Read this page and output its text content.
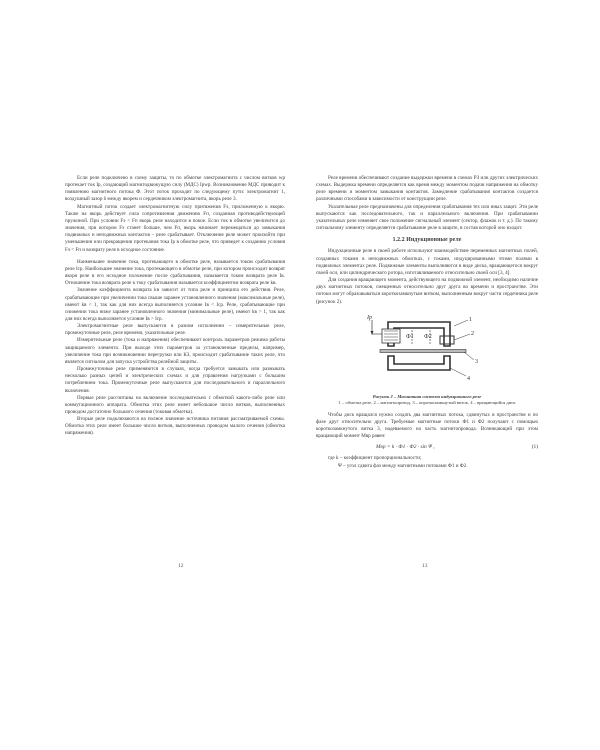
Если реле подключено в схему защиты, то по обмотке электромагнита с числом витков wр протекает ток Iр, создающий магнитодвижущую силу (МДС) Iрwр. Возникновение МДС приводит к появлению магнитного потока Ф. Этот поток проходит по следующему пути: электромагнит 1, воздушный зазор δ между якорем и сердечником электромагнита, якорь реле 3.

Магнитный поток создает электромагнитную силу притяжения Fэ, приложенную к якорю. Также на якорь действует сила сопротивления движению Fп, созданная противодействующей пружиной. При условии Fэ < Fп якорь реле находится в покое. Если ток в обмотке увеличится до значения, при котором Fэ станет больше, чем Fп, якорь начинает перемещаться до замыкания подвижных и неподвижных контактов – реле срабатывает. Отключение реле может произойти при уменьшении или прекращении протекания тока Iр в обмотке реле, что приведет к созданию условия Fэ < Fп и возврату реле в исходное состояние.

Наименьшее значение тока, протекающего в обмотке реле, называется током срабатывания реле Iср. Наибольшее значение тока, протекающего в обмотке реле, при котором происходит возврат якоря реле в его исходное положение после срабатывания, называется током возврата реле Iв. Отношение тока возврата реле к току срабатывания называется коэффициентом возврата реле kв.

Значение коэффициента возврата kв зависит от типа реле и принципа его действия. Реле, срабатывающие при увеличении тока свыше заранее установленного значения (максимальные реле), имеют kв < 1, так как для них всегда выполняется условие Iв < Iср. Реле, срабатывающие при снижении тока ниже заранее установленного значения (минимальные реле), имеют kв > 1, так как для них всегда выполняется условие Iв > Iср.

Электромагнитные реле выпускаются в разном исполнении – измерительные реле, промежуточные реле, реле времени, указательные реле.

Измерительные реле (тока и напряжения) обеспечивают контроль параметров режима работы защищаемого элемента. При выходе этих параметров за установленные пределы, например, увеличение тока при возникновении перегрузки или КЗ, происходит срабатывание таких реле, что является сигналом для запуска устройства релейной защиты.

Промежуточные реле применяются в случаях, когда требуется замыкать или размыкать несколько разных цепей и электрических схемах и для управления нагрузками с большим потреблением тока. Промежуточные реле выпускаются для последовательного и параллельного включения.

Первые реле рассчитаны на включение последовательно с обмоткой какого-либо реле или коммутационного аппарата. Обмотка этих реле имеет небольшое число витков, выполненных проводом достаточно большого сечения (токовая обмотка).

Вторые реле подключаются на полное значение источника питания рассматриваемой схемы. Обмотка этих реле имеет большое число витков, выполненных проводом малого сечения (обмотка напряжения).

12

Реле времени обеспечивают создание выдержки времени в схемах РЗ или других электрических схемах. Выдержка времени определяется как время между моментом подачи напряжения на обмотку реле времени и моментом замыкания контактов. Замедление срабатывания контактов создается различными способами в зависимости от конструкции реле.

Указательные реле предназначены для определения срабатывания тех или иных защит. Эти реле выпускаются как последовательного, так и параллельного включения. При срабатывании указательных реле изменяет свое положение сигнальный элемент (сектор, флажок и т. д.). По такому сигнальному элементу определяется срабатывание реле в защите, в состав которой оно входит.

1.2.2 Индукционные реле

Индукционные реле в своей работе используют взаимодействие переменных магнитных полей, созданных токами в неподвижных обмотках, с токами, индуцированными этими полями в подвижных элементах реле. Подвижные элементы выполняются в виде диска, вращающегося вокруг своей оси, или цилиндрического ротора, изготавливаемого относительно своей оси [3, 4].

Для создания вращающего момента, действующего на подвижной элемент, необходимо наличие двух магнитных потоков, смещенных относительно друг друга во времени и пространстве. Эти потоки могут образовываться короткозамкнутым витком, выполненным вокруг части сердечника реле (рисунок 2).

Iр
Ф1 Ф2
1
2
3
4
Рисунок 2 – Магнитная система индукционного реле
1 – обмотка реле, 2 – магнитопровод, 3 – короткозамкнутый виток, 4 – вращающийся диск

Чтобы диск вращался нужно создать два магнитных потока, сдвинутых в пространстве и по фазе друг относительно друга. Требуемые магнитные потоки Ф1 и Ф2 получают с помощью короткозамкнутого витка 3, надеваемого на часть магнитопровода. Возникающий при этом вращающий момент Mвр равен:

Mвр = k · Ф1 · Ф2 · sin Ψ ,	(1)

где k – коэффициент пропорциональности;

Ψ – угол сдвига фаз между магнитными потоками Ф1 и Ф2.

13
